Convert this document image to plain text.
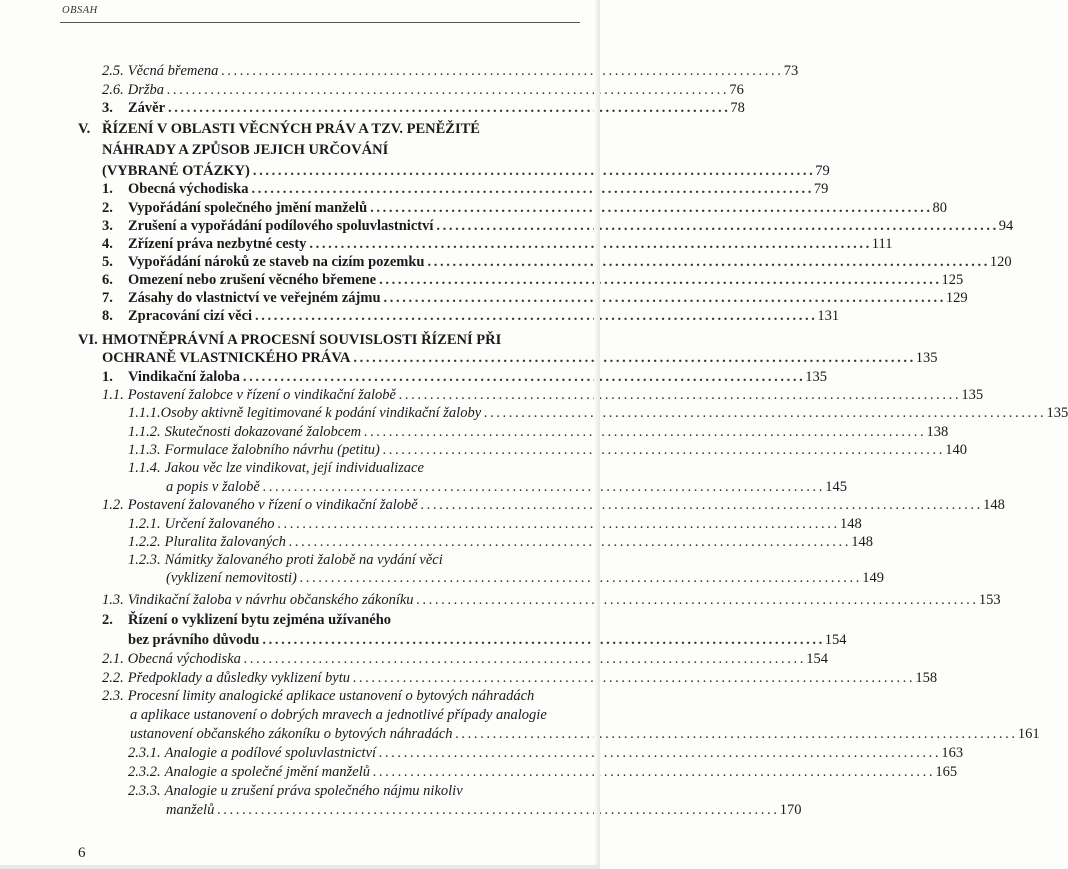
OBSAH
2.5. Věcná břemena . . .	73
2.6. Držba . . .	76
3. Závěr . . .	78
V. ŘÍZENÍ V OBLASTI VĚCNÝCH PRÁV A TZV. PENĚŽITÉ
NÁHRADY A ZPŮSOB JEJICH URČOVÁNÍ
(VYBRANÉ OTÁZKY) . . .	79
1. Obecná východiska . . .	79
2. Vypořádání společného jmění manželů . . .	80
3. Zrušení a vypořádání podílového spoluvlastnictví . . .	94
4. Zřízení práva nezbytné cesty . . .	111
5. Vypořádání nároků ze staveb na cizím pozemku . . .	120
6. Omezení nebo zrušení věcného břemene . . .	125
7. Zásahy do vlastnictví ve veřejném zájmu . . .	129
8. Zpracování cizí věci . . .	131
VI. HMOTNĚPRÁVNÍ A PROCESNÍ SOUVISLOSTI ŘÍZENÍ PŘI
OCHRANĚ VLASTNICKÉHO PRÁVA . . .	135
1. Vindikační žaloba . . .	135
1.1. Postavení žalobce v řízení o vindikační žalobě . . .	135
1.1.1. Osoby aktivně legitimované k podání vindikační žaloby . . .	135
1.1.2. Skutečnosti dokazované žalobcem . . .	138
1.1.3. Formulace žalobního návrhu (petitu) . . .	140
1.1.4. Jakou věc lze vindikovat, její individualizace
a popis v žalobě . . .	145
1.2. Postavení žalovaného v řízení o vindikační žalobě . . .	148
1.2.1. Určení žalovaného . . .	148
1.2.2. Pluralita žalovaných . . .	148
1.2.3. Námitky žalovaného proti žalobě na vydání věci
(vyklizení nemovitosti) . . .	149
1.3. Vindikační žaloba v návrhu občanského zákoníku . . .	153
2. Řízení o vyklizení bytu zejména užívaného
bez právního důvodu . . .	154
2.1. Obecná východiska . . .	154
2.2. Předpoklady a důsledky vyklizení bytu . . .	158
2.3. Procesní limity analogické aplikace ustanovení o bytových náhradách
a aplikace ustanovení o dobrých mravech a jednotlivé případy analogie
ustanovení občanského zákoníku o bytových náhradách . . .	161
2.3.1. Analogie a podílové spoluvlastnictví . . .	163
2.3.2. Analogie a společné jmění manželů . . .	165
2.3.3. Analogie u zrušení práva společného nájmu nikoliv
manželů . . .	170
6
